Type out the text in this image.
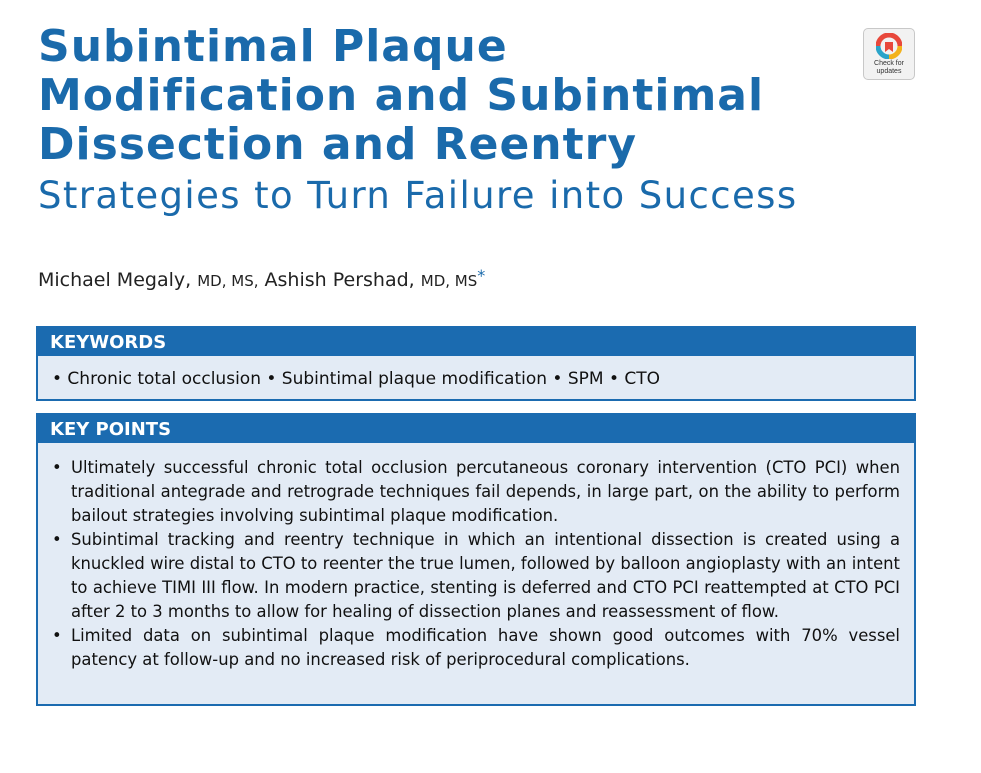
Subintimal Plaque
Modification and Subintimal
Dissection and Reentry
Strategies to Turn Failure into Success
Check for
updates
Michael Megaly, MD, MS, Ashish Pershad, MD, MS*
KEYWORDS
• Chronic total occlusion • Subintimal plaque modification • SPM • CTO
KEY POINTS
• Ultimately successful chronic total occlusion percutaneous coronary intervention (CTO PCI) when traditional antegrade and retrograde techniques fail depends, in large part, on the ability to perform bailout strategies involving subintimal plaque modification.
• Subintimal tracking and reentry technique in which an intentional dissection is created using a knuckled wire distal to CTO to reenter the true lumen, followed by balloon angioplasty with an intent to achieve TIMI III flow. In modern practice, stenting is deferred and CTO PCI reattempted at CTO PCI after 2 to 3 months to allow for healing of dissection planes and reassessment of flow.
• Limited data on subintimal plaque modification have shown good outcomes with 70% vessel patency at follow-up and no increased risk of periprocedural complications.
